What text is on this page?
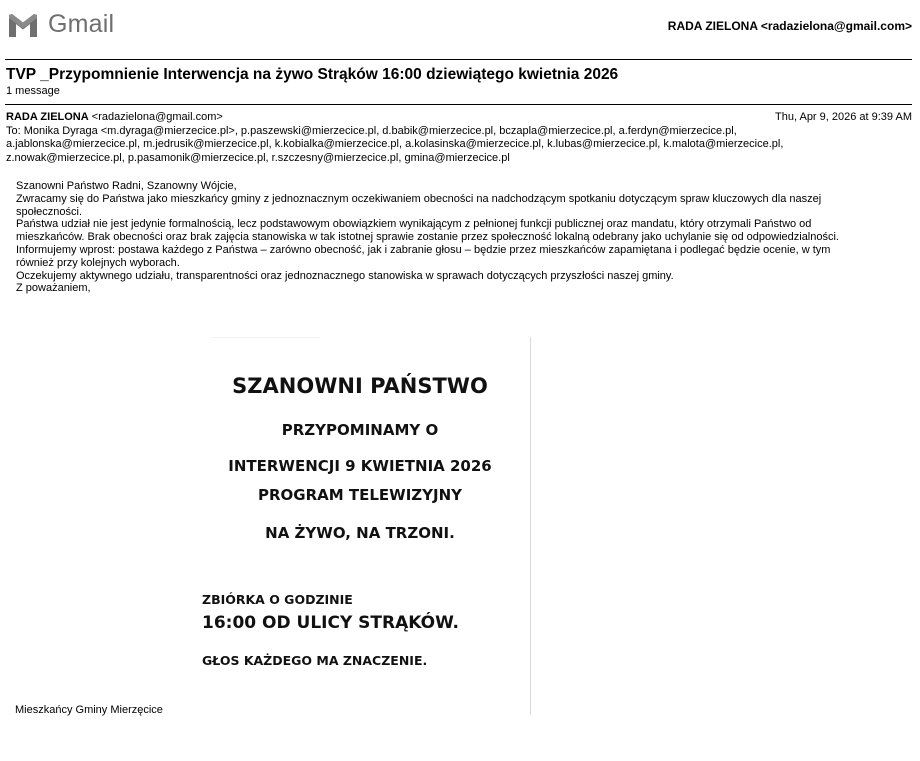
Gmail	RADA ZIELONA <radazielona@gmail.com>
TVP _Przypomnienie Interwencja na żywo Strąków 16:00 dziewiątego kwietnia 2026
1 message
RADA ZIELONA <radazielona@gmail.com>	Thu, Apr 9, 2026 at 9:39 AM
To: Monika Dyraga <m.dyraga@mierzecice.pl>, p.paszewski@mierzecice.pl, d.babik@mierzecice.pl, bczapla@mierzecice.pl, a.ferdyn@mierzecice.pl,
a.jablonska@mierzecice.pl, m.jedrusik@mierzecice.pl, k.kobialka@mierzecice.pl, a.kolasinska@mierzecice.pl, k.lubas@mierzecice.pl, k.malota@mierzecice.pl,
z.nowak@mierzecice.pl, p.pasamonik@mierzecice.pl, r.szczesny@mierzecice.pl, gmina@mierzecice.pl
Szanowni Państwo Radni, Szanowny Wójcie,
Zwracamy się do Państwa jako mieszkańcy gminy z jednoznacznym oczekiwaniem obecności na nadchodzącym spotkaniu dotyczącym spraw kluczowych dla naszej
społeczności.
Państwa udział nie jest jedynie formalnością, lecz podstawowym obowiązkiem wynikającym z pełnionej funkcji publicznej oraz mandatu, który otrzymali Państwo od
mieszkańców. Brak obecności oraz brak zajęcia stanowiska w tak istotnej sprawie zostanie przez społeczność lokalną odebrany jako uchylanie się od odpowiedzialności.
Informujemy wprost: postawa każdego z Państwa – zarówno obecność, jak i zabranie głosu – będzie przez mieszkańców zapamiętana i podlegać będzie ocenie, w tym
również przy kolejnych wyborach.
Oczekujemy aktywnego udziału, transparentności oraz jednoznacznego stanowiska w sprawach dotyczących przyszłości naszej gminy.
Z poważaniem,
SZANOWNI PAŃSTWO
PRZYPOMINAMY O
INTERWENCJI 9 KWIETNIA 2026
PROGRAM TELEWIZYJNY
NA ŻYWO, NA TRZONI.
ZBIÓRKA O GODZINIE
16:00 OD ULICY STRĄKÓW.
GŁOS KAŻDEGO MA ZNACZENIE.
Mieszkańcy Gminy Mierzęcice
